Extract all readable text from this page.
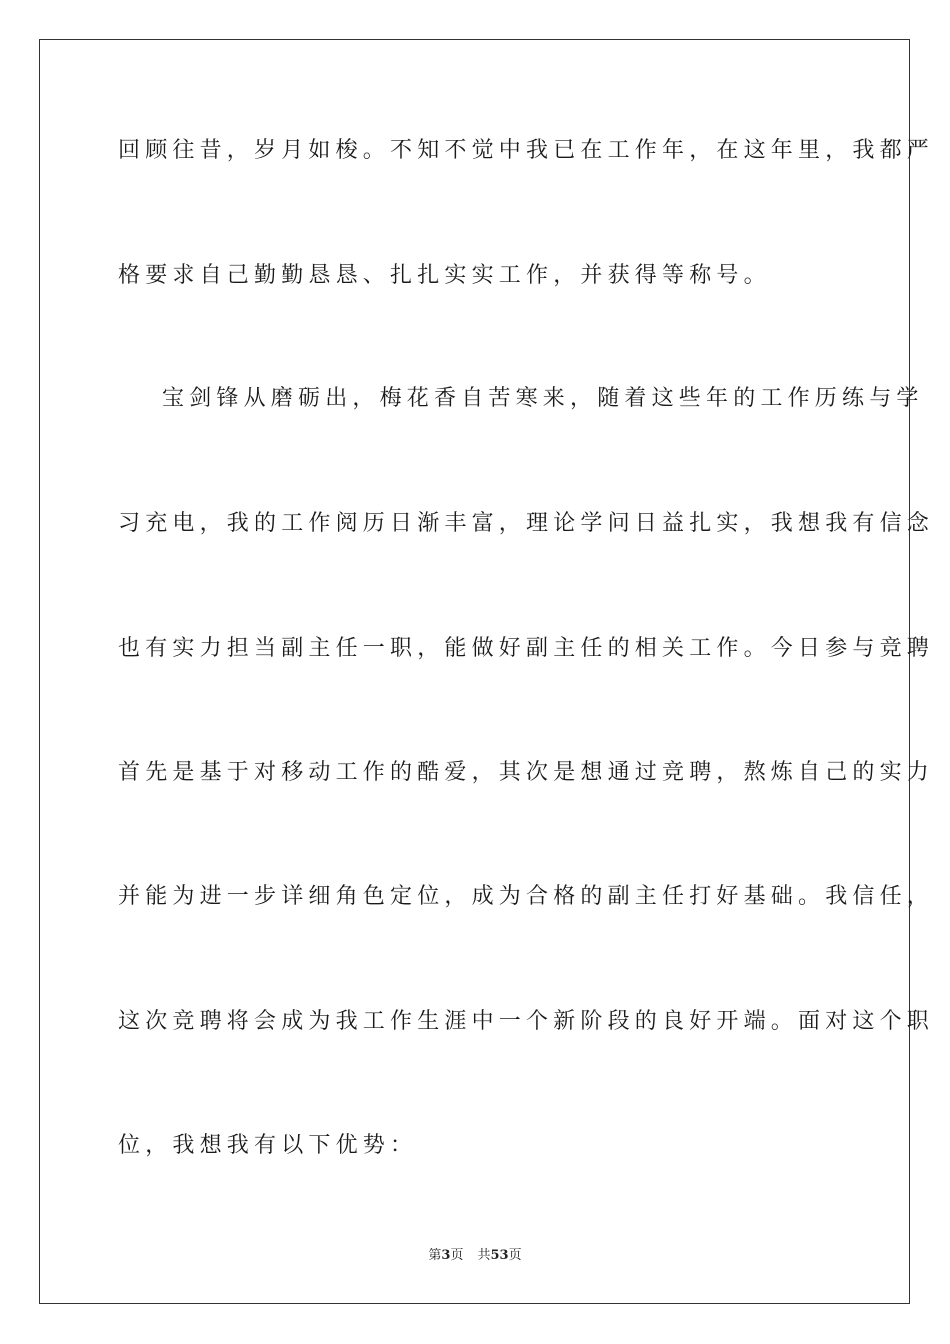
回顾往昔，岁月如梭。不知不觉中我已在工作年，在这年里，我都严
格要求自己勤勤恳恳、扎扎实实工作，并获得等称号。
宝剑锋从磨砺出，梅花香自苦寒来，随着这些年的工作历练与学
习充电，我的工作阅历日渐丰富，理论学问日益扎实，我想我有信念
也有实力担当副主任一职，能做好副主任的相关工作。今日参与竞聘
首先是基于对移动工作的酷爱，其次是想通过竞聘，熬炼自己的实力
并能为进一步详细角色定位，成为合格的副主任打好基础。我信任，
这次竞聘将会成为我工作生涯中一个新阶段的良好开端。面对这个职
位，我想我有以下优势：
第3页 共53页
